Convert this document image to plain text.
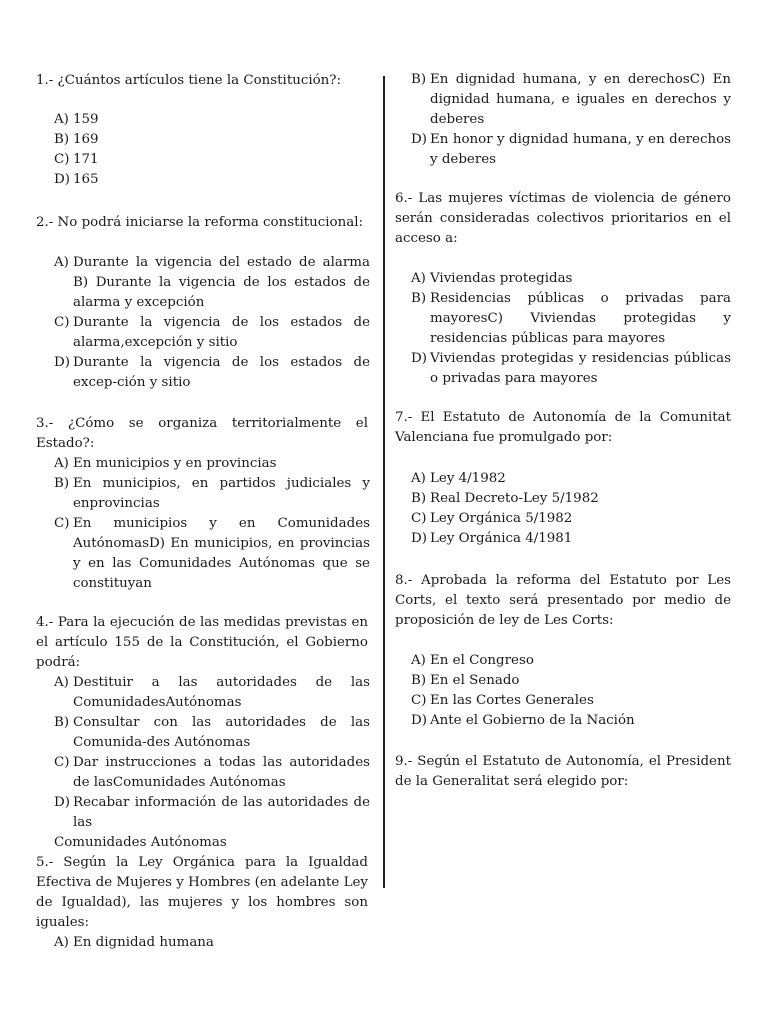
1.- ¿Cuántos artículos tiene la Constitución?:

A) 159
B) 169
C) 171
D) 165

2.- No podrá iniciarse la reforma constitucional:

A) Durante la vigencia del estado de alarma B) Durante la vigencia de los estados de alarma y excepción
C) Durante la vigencia de los estados de alarma,excepción y sitio
D) Durante la vigencia de los estados de excep-ción y sitio

3.- ¿Cómo se organiza territorialmente el Estado?:

A) En municipios y en provincias
B) En municipios, en partidos judiciales y enprovincias
C) En municipios y en Comunidades AutónomasD) En municipios, en provincias y en las Comunidades Autónomas que se constituyan

4.- Para la ejecución de las medidas previstas en el artículo 155 de la Constitución, el Gobierno podrá:

A) Destituir a las autoridades de las ComunidadesAutónomas
B) Consultar con las autoridades de las Comunida-des Autónomas
C) Dar instrucciones a todas las autoridades de lasComunidades Autónomas
D) Recabar información de las autoridades de las
Comunidades Autónomas

5.- Según la Ley Orgánica para la Igualdad Efectiva de Mujeres y Hombres (en adelante Ley de Igualdad), las mujeres y los hombres son iguales:

A) En dignidad humana
B) En dignidad humana, y en derechosC) En dignidad humana, e iguales en derechos y deberes
D) En honor y dignidad humana, y en derechos y deberes

6.- Las mujeres víctimas de violencia de género serán consideradas colectivos prioritarios en el acceso a:

A) Viviendas protegidas
B) Residencias públicas o privadas para mayoresC) Viviendas protegidas y residencias públicas para mayores
D) Viviendas protegidas y residencias públicas o privadas para mayores

7.- El Estatuto de Autonomía de la Comunitat Valenciana fue promulgado por:

A) Ley 4/1982
B) Real Decreto-Ley 5/1982
C) Ley Orgánica 5/1982
D) Ley Orgánica 4/1981

8.- Aprobada la reforma del Estatuto por Les Corts, el texto será presentado por medio de proposición de ley de Les Corts:

A) En el Congreso
B) En el Senado
C) En las Cortes Generales
D) Ante el Gobierno de la Nación

9.- Según el Estatuto de Autonomía, el President de la Generalitat será elegido por:
